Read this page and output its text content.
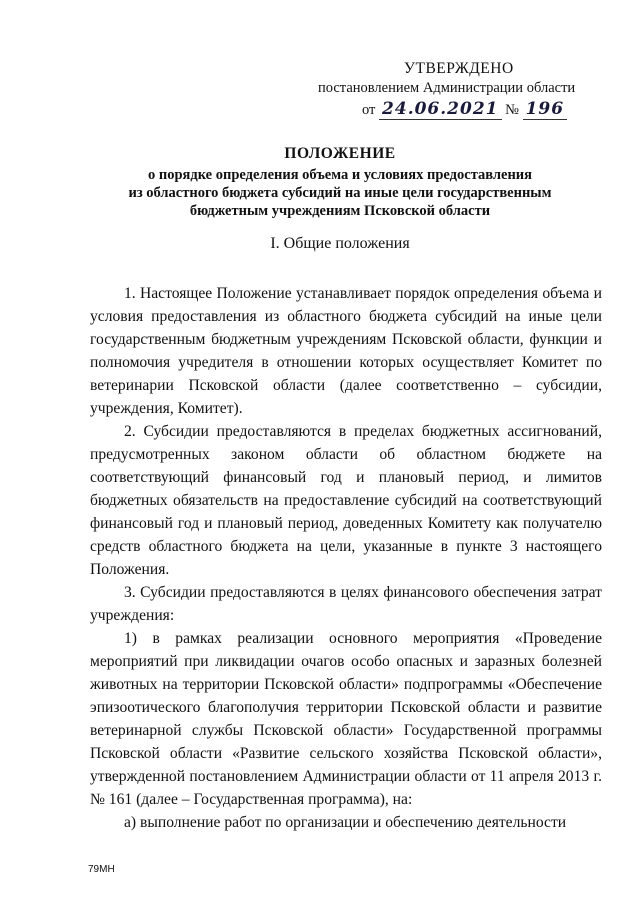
УТВЕРЖДЕНО
постановлением Администрации области
от 24.06.2021 № 196
ПОЛОЖЕНИЕ
о порядке определения объема и условиях предоставления
из областного бюджета субсидий на иные цели государственным
бюджетным учреждениям Псковской области
I. Общие положения

1. Настоящее Положение устанавливает порядок определения объема и условия предоставления из областного бюджета субсидий на иные цели государственным бюджетным учреждениям Псковской области, функции и полномочия учредителя в отношении которых осуществляет Комитет по ветеринарии Псковской области (далее соответственно – субсидии, учреждения, Комитет).

2. Субсидии предоставляются в пределах бюджетных ассигнований, предусмотренных законом области об областном бюджете на соответствующий финансовый год и плановый период, и лимитов бюджетных обязательств на предоставление субсидий на соответствующий финансовый год и плановый период, доведенных Комитету как получателю средств областного бюджета на цели, указанные в пункте 3 настоящего Положения.

3. Субсидии предоставляются в целях финансового обеспечения затрат учреждения:

1) в рамках реализации основного мероприятия «Проведение мероприятий при ликвидации очагов особо опасных и заразных болезней животных на территории Псковской области» подпрограммы «Обеспечение эпизоотического благополучия территории Псковской области и развитие ветеринарной службы Псковской области» Государственной программы Псковской области «Развитие сельского хозяйства Псковской области», утвержденной постановлением Администрации области от 11 апреля 2013 г. № 161 (далее – Государственная программа), на:

а) выполнение работ по организации и обеспечению деятельности

79МН
